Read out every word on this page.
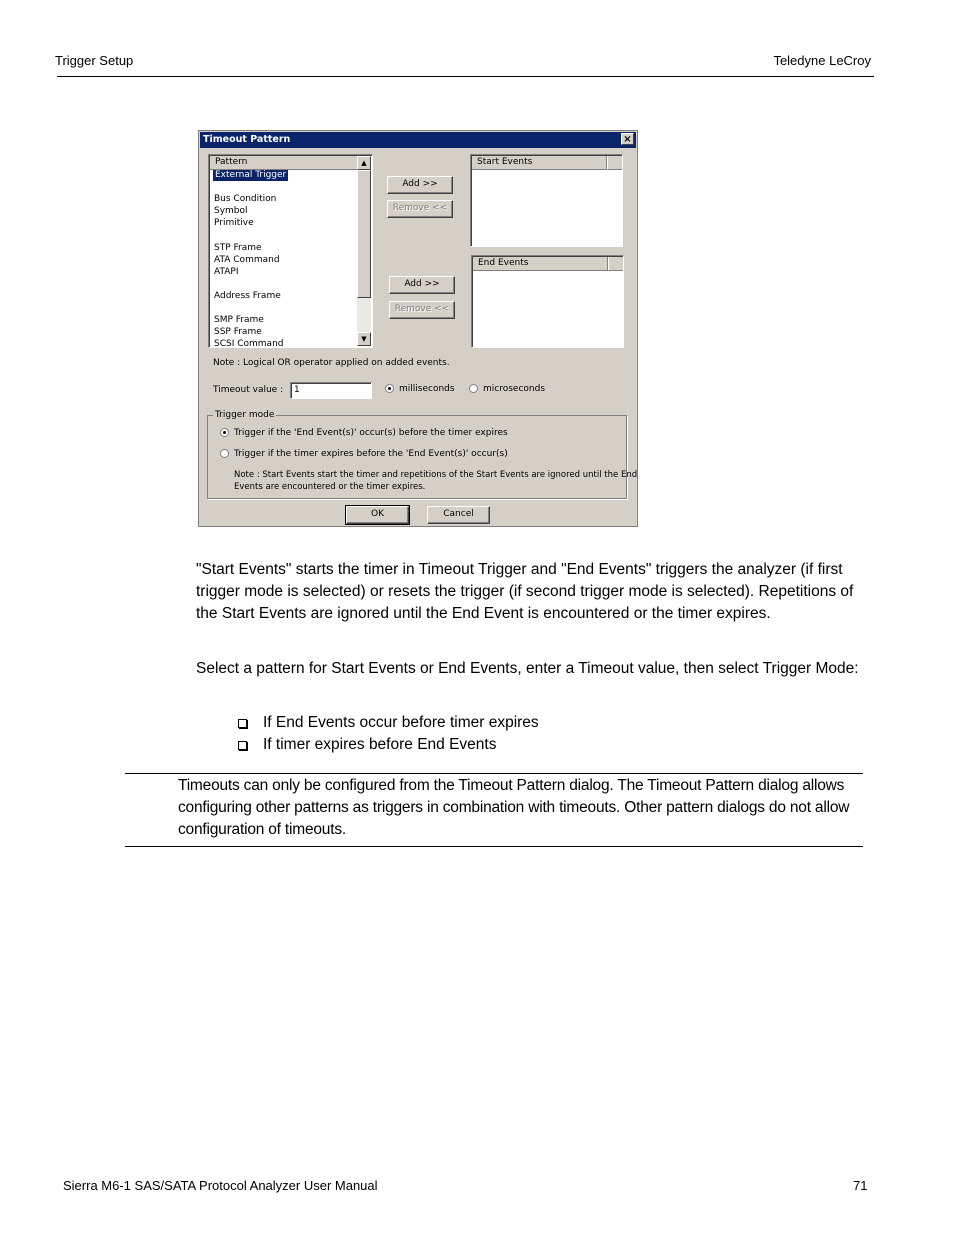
Trigger Setup	Teledyne LeCroy
Timeout Pattern	×
Pattern
External Trigger
Bus Condition
Symbol
Primitive
STP Frame
ATA Command
ATAPI
Address Frame
SMP Frame
SSP Frame
SCSI Command
▲
▼
Add >>
Remove <<
Start Events
Add >>
Remove <<
End Events
Note : Logical OR operator applied on added events.
Timeout value :	1	milliseconds	microseconds
Trigger mode
Trigger if the 'End Event(s)' occur(s) before the timer expires
Trigger if the timer expires before the 'End Event(s)' occur(s)
Note : Start Events start the timer and repetitions of the Start Events are ignored until the End
Events are encountered or the timer expires.
OK	Cancel

"Start Events" starts the timer in Timeout Trigger and "End Events" triggers the analyzer (if first trigger mode is selected) or resets the trigger (if second trigger mode is selected). Repetitions of the Start Events are ignored until the End Event is encountered or the timer expires.

Select a pattern for Start Events or End Events, enter a Timeout value, then select Trigger Mode:

If End Events occur before timer expires
If timer expires before End Events

Timeouts can only be configured from the Timeout Pattern dialog. The Timeout Pattern dialog allows configuring other patterns as triggers in combination with timeouts. Other pattern dialogs do not allow configuration of timeouts.

Sierra M6-1 SAS/SATA Protocol Analyzer User Manual	71
